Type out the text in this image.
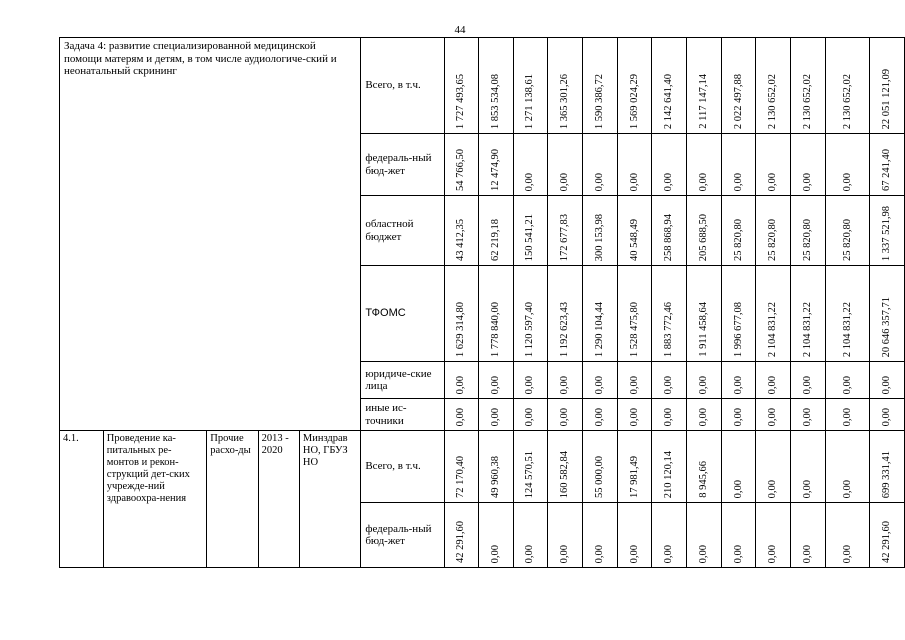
44
Задача 4: развитие специализированной медицинской помощи матерям и детям, в том числе аудиологиче-ский и неонатальный скрининг					Всего, в т.ч.	1 727 493,65	1 853 534,08	1 271 138,61	1 365 301,26	1 590 386,72	1 569 024,29	2 142 641,40	2 117 147,14	2 022 497,88	2 130 652,02	2 130 652,02	2 130 652,02	22 051 121,09

					федераль-ный бюд-жет	54 766,50	12 474,90	0,00	0,00	0,00	0,00	0,00	0,00	0,00	0,00	0,00	0,00	67 241,40

					областной бюджет	43 412,35	62 219,18	150 541,21	172 677,83	300 153,98	40 548,49	258 868,94	205 688,50	25 820,80	25 820,80	25 820,80	25 820,80	1 337 521,98

					ТФОМС	1 629 314,80	1 778 840,00	1 120 597,40	1 192 623,43	1 290 104,44	1 528 475,80	1 883 772,46	1 911 458,64	1 996 677,08	2 104 831,22	2 104 831,22	2 104 831,22	20 646 357,71

					юридиче-ские лица	0,00	0,00	0,00	0,00	0,00	0,00	0,00	0,00	0,00	0,00	0,00	0,00	0,00

					иные ис-точники	0,00	0,00	0,00	0,00	0,00	0,00	0,00	0,00	0,00	0,00	0,00	0,00	0,00

4.1.	Проведение ка-питальных ре-монтов и рекон-струкций дет-ских учрежде-ний здравоохра-нения	Прочие расхо-ды	2013 - 2020	Минздрав НО, ГБУЗ НО	Всего, в т.ч.	72 170,40	49 960,38	124 570,51	160 582,84	55 000,00	17 981,49	210 120,14	8 945,66	0,00	0,00	0,00	0,00	699 331,41

					федераль-ный бюд-жет	42 291,60	0,00	0,00	0,00	0,00	0,00	0,00	0,00	0,00	0,00	0,00	0,00	42 291,60
